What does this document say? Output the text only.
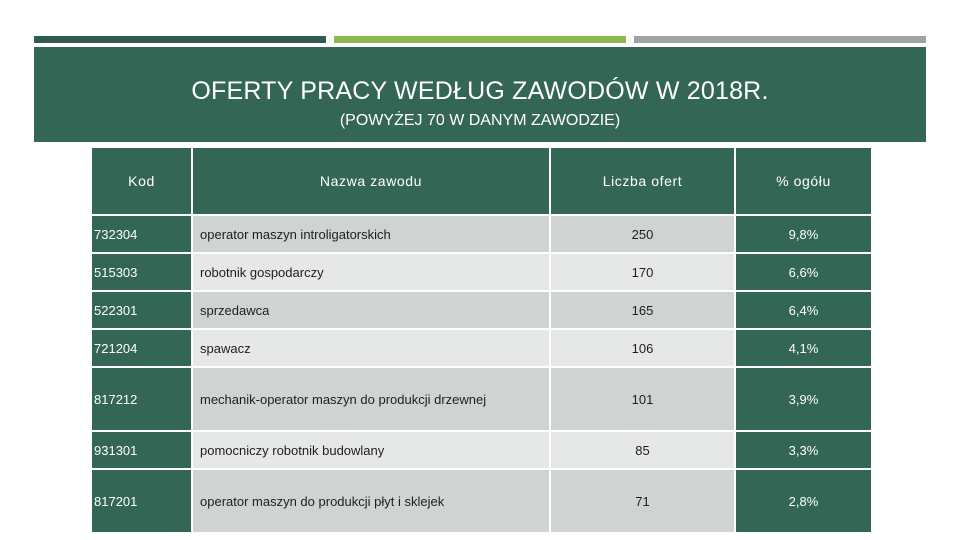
OFERTY PRACY WEDŁUG ZAWODÓW W 2018R.
(POWYŻEJ 70 W DANYM ZAWODZIE)
Kod	Nazwa zawodu	Liczba ofert	% ogółu
732304	operator maszyn introligatorskich	250	9,8%
515303	robotnik gospodarczy	170	6,6%
522301	sprzedawca	165	6,4%
721204	spawacz	106	4,1%
817212	mechanik-operator maszyn do produkcji drzewnej	101	3,9%
931301	pomocniczy robotnik budowlany	85	3,3%
817201	operator maszyn do produkcji płyt i sklejek	71	2,8%
